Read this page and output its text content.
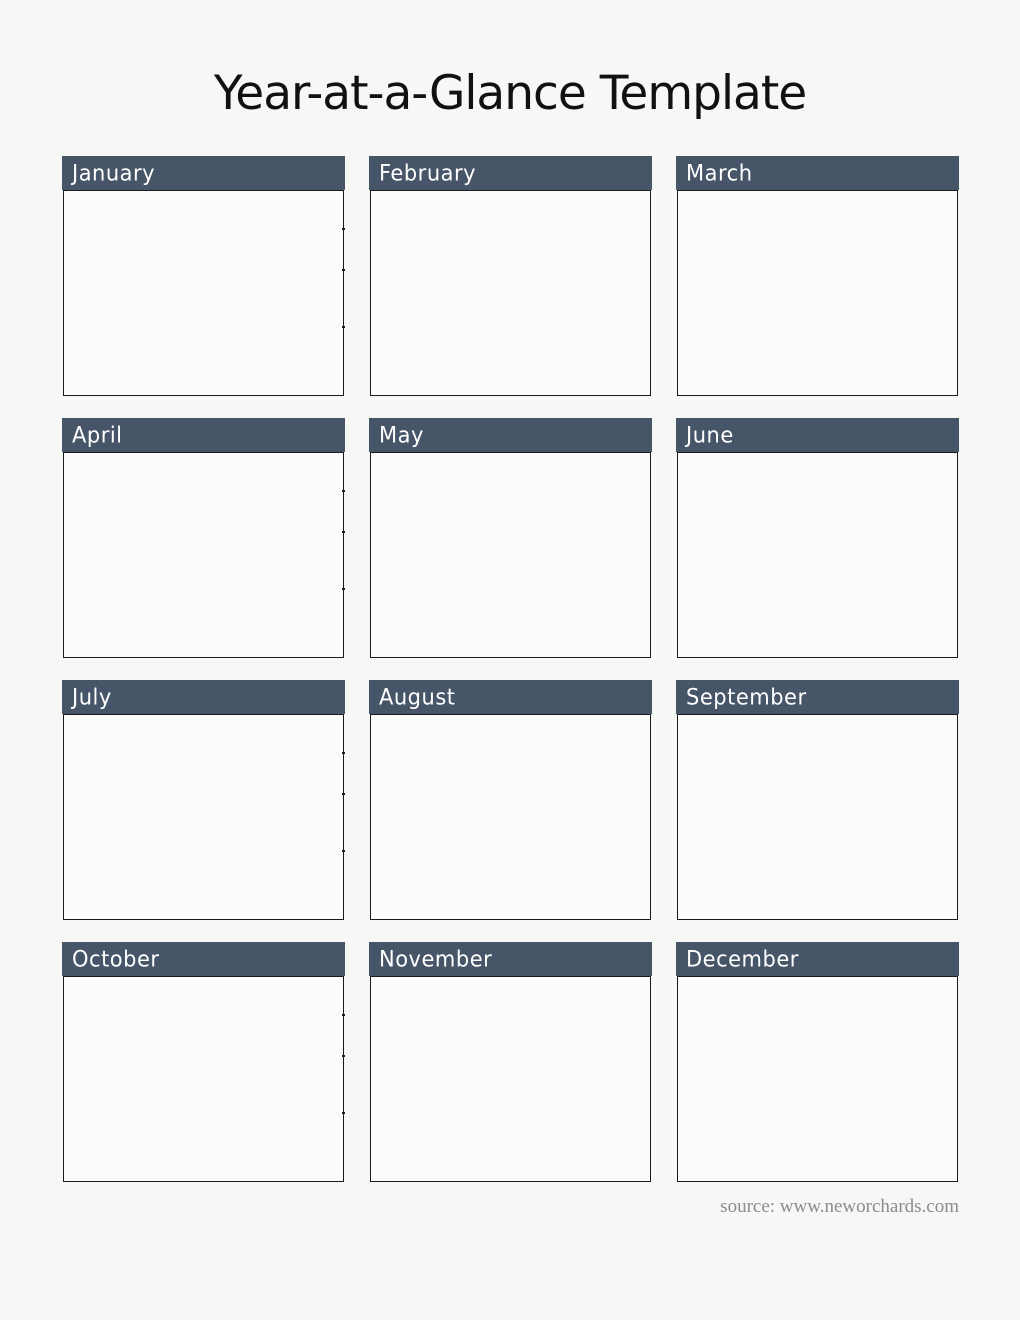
Year-at-a-Glance Template
January	February	March
April	May	June
July	August	September
October	November	December
source: www.neworchards.com
